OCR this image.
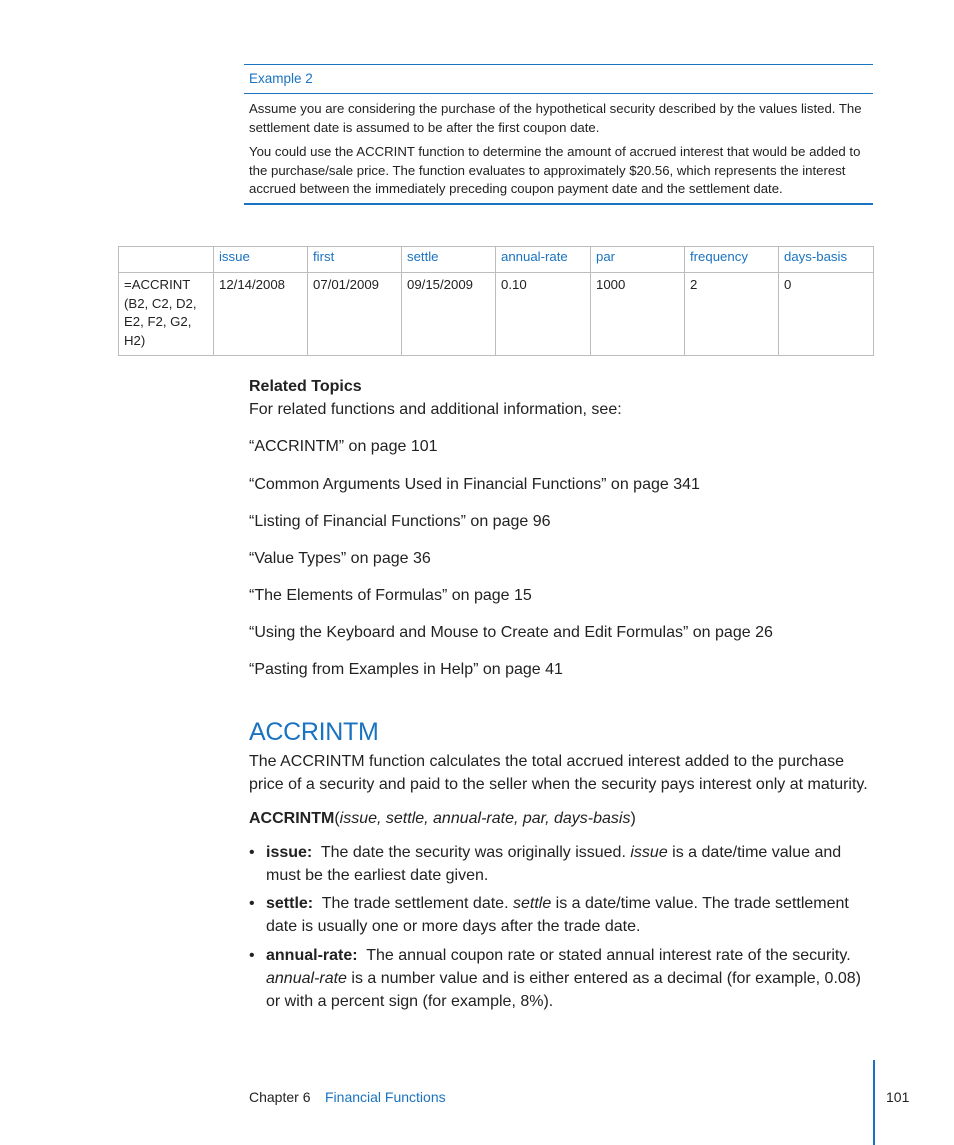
Example 2

Assume you are considering the purchase of the hypothetical security described by the values listed. The settlement date is assumed to be after the first coupon date.

You could use the ACCRINT function to determine the amount of accrued interest that would be added to the purchase/sale price. The function evaluates to approximately $20.56, which represents the interest accrued between the immediately preceding coupon payment date and the settlement date.

	issue	first	settle	annual-rate	par	frequency	days-basis
=ACCRINT (B2, C2, D2, E2, F2, G2, H2)	12/14/2008	07/01/2009	09/15/2009	0.10	1000	2	0
Related Topics
For related functions and additional information, see:
“ACCRINTM” on page 101
“Common Arguments Used in Financial Functions” on page 341
“Listing of Financial Functions” on page 96
“Value Types” on page 36
“The Elements of Formulas” on page 15
“Using the Keyboard and Mouse to Create and Edit Formulas” on page 26
“Pasting from Examples in Help” on page 41
ACCRINTM

The ACCRINTM function calculates the total accrued interest added to the purchase price of a security and paid to the seller when the security pays interest only at maturity.

ACCRINTM(issue, settle, annual-rate, par, days-basis)
• issue: The date the security was originally issued. issue is a date/time value and must be the earliest date given.
• settle: The trade settlement date. settle is a date/time value. The trade settlement date is usually one or more days after the trade date.
• annual-rate: The annual coupon rate or stated annual interest rate of the security. annual-rate is a number value and is either entered as a decimal (for example, 0.08) or with a percent sign (for example, 8%).
Chapter 6 Financial Functions	101
